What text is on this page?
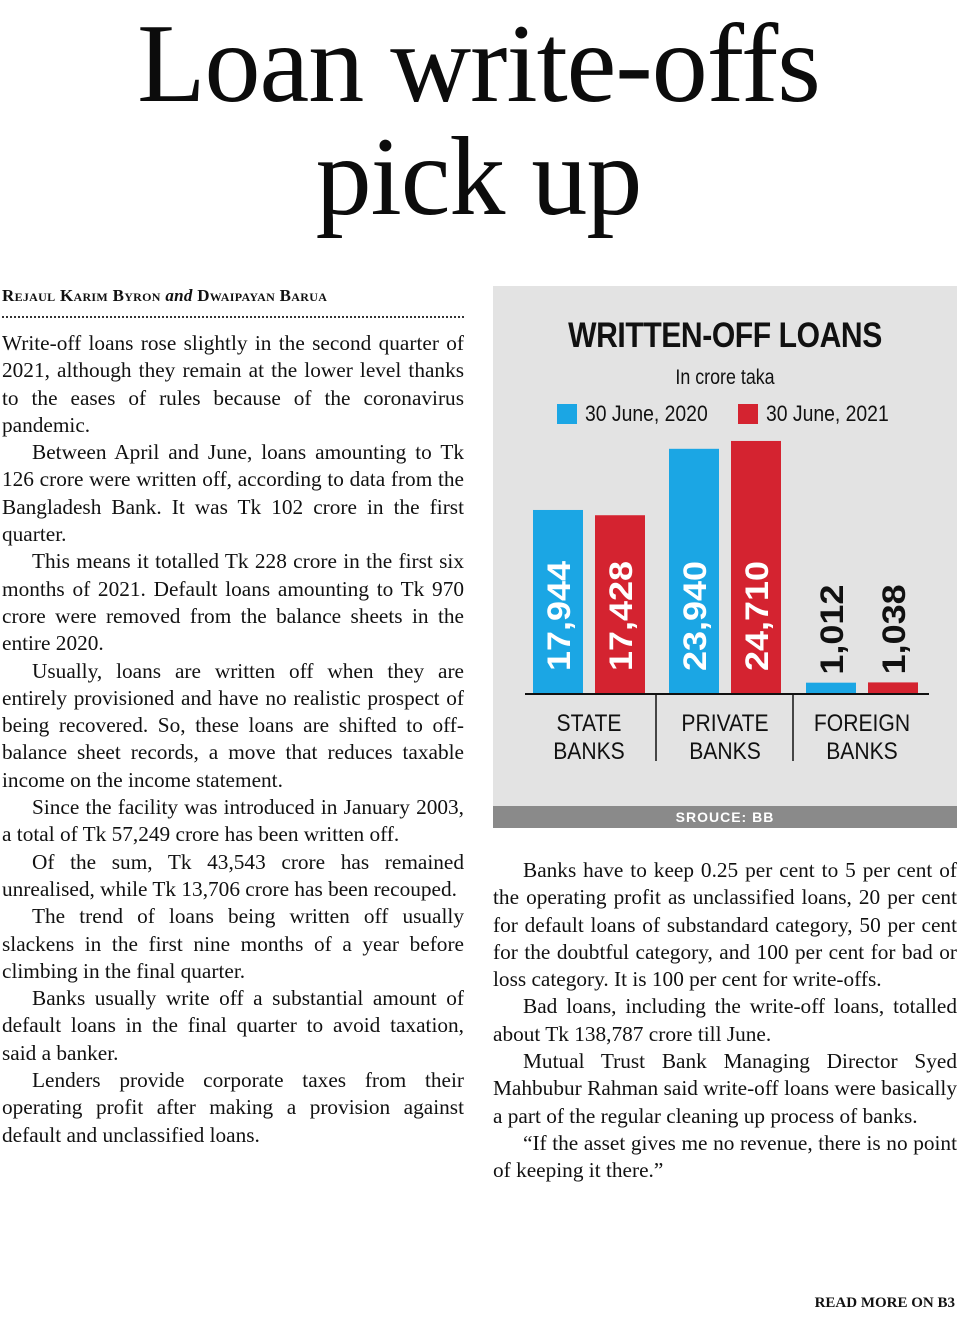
Loan write-offs
pick up
Rejaul Karim Byron and Dwaipayan Barua

Write-off loans rose slightly in the second quarter of 2021, although they remain at the lower level thanks to the eases of rules because of the coronavirus pandemic.

Between April and June, loans amounting to Tk 126 crore were written off, according to data from the Bangladesh Bank. It was Tk 102 crore in the first quarter.

This means it totalled Tk 228 crore in the first six months of 2021. Default loans amounting to Tk 970 crore were removed from the balance sheets in the entire 2020.

Usually, loans are written off when they are entirely provisioned and have no realistic prospect of being recovered. So, these loans are shifted to off-balance sheet records, a move that reduces taxable income on the income statement.

Since the facility was introduced in January 2003, a total of Tk 57,249 crore has been written off.

Of the sum, Tk 43,543 crore has remained unrealised, while Tk 13,706 crore has been recouped.

The trend of loans being written off usually slackens in the first nine months of a year before climbing in the final quarter.

Banks usually write off a substantial amount of default loans in the final quarter to avoid taxation, said a banker.

Lenders provide corporate taxes from their operating profit after making a provision against default and unclassified loans.

WRITTEN-OFF LOANS
In crore taka
30 June, 2020	30 June, 2021
17,944 17,428
STATE
BANKS
23,940 24,710
PRIVATE
BANKS
1,012 1,038
FOREIGN
BANKS
SROUCE: BB

Banks have to keep 0.25 per cent to 5 per cent of the operating profit as unclassified loans, 20 per cent for default loans of substandard category, 50 per cent for the doubtful category, and 100 per cent for bad or loss category. It is 100 per cent for write-offs.

Bad loans, including the write-off loans, totalled about Tk 138,787 crore till June.

Mutual Trust Bank Managing Director Syed Mahbubur Rahman said write-off loans were basically a part of the regular cleaning up process of banks.

“If the asset gives me no revenue, there is no point of keeping it there.”

READ MORE ON B3
